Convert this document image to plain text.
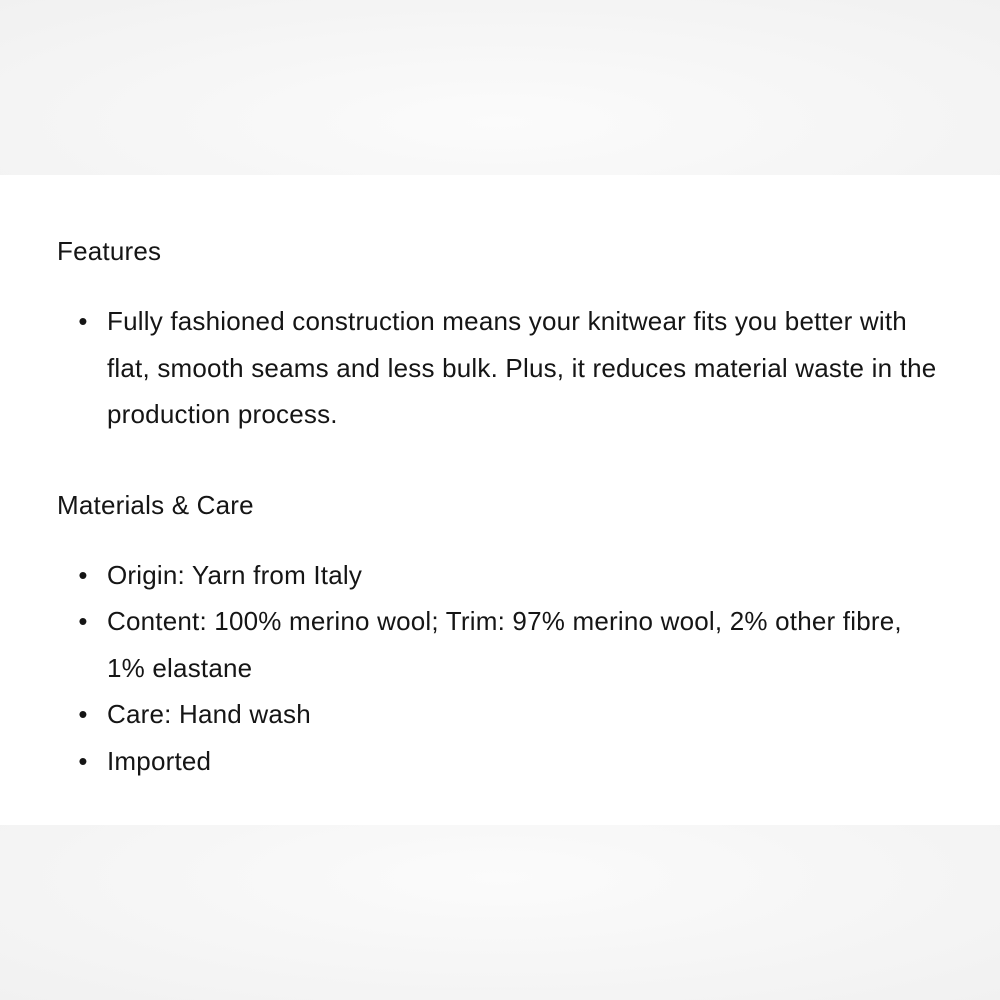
Features
• Fully fashioned construction means your knitwear fits you better with flat, smooth seams and less bulk. Plus, it reduces material waste in the production process.
Materials & Care
• Origin: Yarn from Italy
• Content: 100% merino wool; Trim: 97% merino wool, 2% other fibre, 1% elastane
• Care: Hand wash
• Imported
